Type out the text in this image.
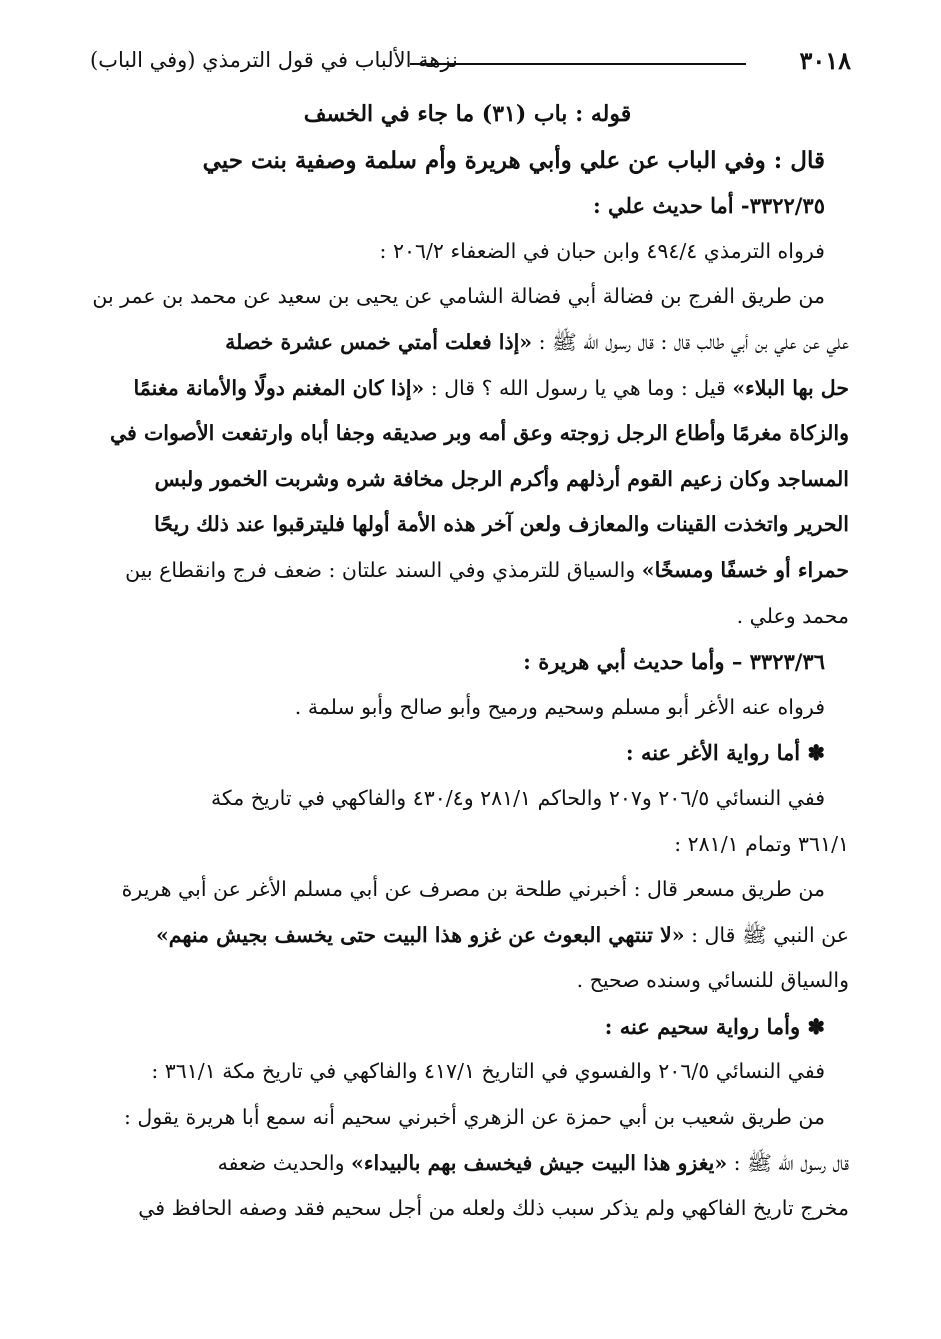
نزهة الألباب في قول الترمذي (وفي الباب)	٣٠١٨
قوله : باب (٣١) ما جاء في الخسف
قال : وفي الباب عن علي وأبي هريرة وأم سلمة وصفية بنت حيي
٣٣٢٢/٣٥- أما حديث علي :
فرواه الترمذي ٤٩٤/٤ وابن حبان في الضعفاء ٢٠٦/٢ :
من طريق الفرج بن فضالة أبي فضالة الشامي عن يحيى بن سعيد عن محمد بن عمر بن
علي عن علي بن أبي طالب قال : قال رسول الله ﷺ : «إذا فعلت أمتي خمس عشرة خصلة
حل بها البلاء» قيل : وما هي يا رسول الله ؟ قال : «إذا كان المغنم دولًا والأمانة مغنمًا
والزكاة مغرمًا وأطاع الرجل زوجته وعق أمه وبر صديقه وجفا أباه وارتفعت الأصوات في
المساجد وكان زعيم القوم أرذلهم وأكرم الرجل مخافة شره وشربت الخمور ولبس
الحرير واتخذت القينات والمعازف ولعن آخر هذه الأمة أولها فليترقبوا عند ذلك ريحًا
حمراء أو خسفًا ومسخًا» والسياق للترمذي وفي السند علتان : ضعف فرج وانقطاع بين
محمد وعلي .
٣٣٢٣/٣٦ – وأما حديث أبي هريرة :
فرواه عنه الأغر أبو مسلم وسحيم ورميح وأبو صالح وأبو سلمة .
✽ أما رواية الأغر عنه :
ففي النسائي ٢٠٦/٥ و٢٠٧ والحاكم ٢٨١/١ و٤٣٠/٤ والفاكهي في تاريخ مكة
٣٦١/١ وتمام ٢٨١/١ :
من طريق مسعر قال : أخبرني طلحة بن مصرف عن أبي مسلم الأغر عن أبي هريرة
عن النبي ﷺ قال : «لا تنتهي البعوث عن غزو هذا البيت حتى يخسف بجيش منهم»
والسياق للنسائي وسنده صحيح .
✽ وأما رواية سحيم عنه :
ففي النسائي ٢٠٦/٥ والفسوي في التاريخ ٤١٧/١ والفاكهي في تاريخ مكة ٣٦١/١ :
من طريق شعيب بن أبي حمزة عن الزهري أخبرني سحيم أنه سمع أبا هريرة يقول :
قال رسول الله ﷺ : «يغزو هذا البيت جيش فيخسف بهم بالبيداء» والحديث ضعفه
مخرج تاريخ الفاكهي ولم يذكر سبب ذلك ولعله من أجل سحيم فقد وصفه الحافظ في
